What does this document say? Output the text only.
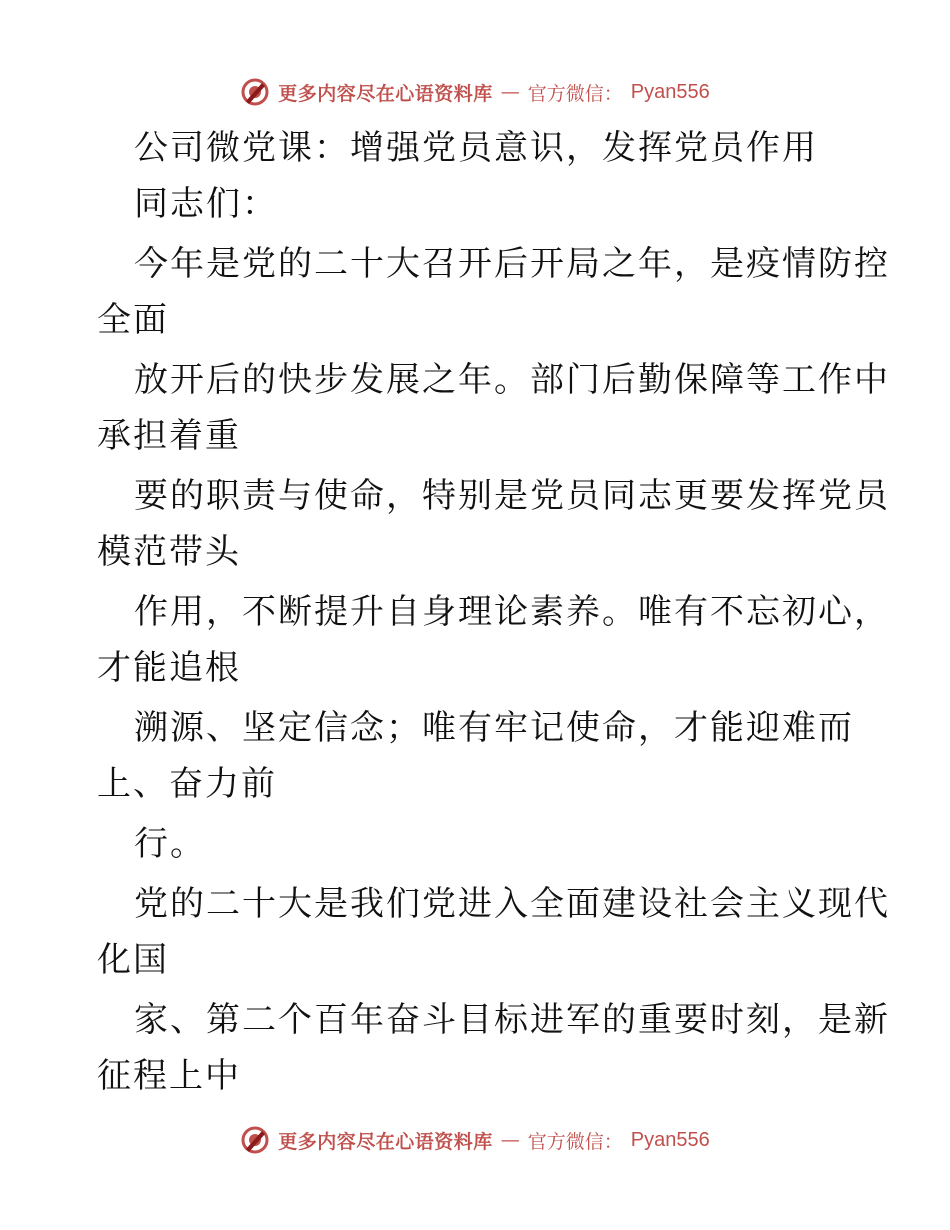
更多内容尽在心语资料库 — 官方微信： Pyan556
公司微党课：增强党员意识，发挥党员作用
同志们：
今年是党的二十大召开后开局之年，是疫情防控
全面
放开后的快步发展之年。部门后勤保障等工作中
承担着重
要的职责与使命，特别是党员同志更要发挥党员
模范带头
作用，不断提升自身理论素养。唯有不忘初心，
才能追根
溯源、坚定信念；唯有牢记使命，才能迎难而
上、奋力前
行。
党的二十大是我们党进入全面建设社会主义现代
化国
家、第二个百年奋斗目标进军的重要时刻，是新
征程上中
更多内容尽在心语资料库 — 官方微信： Pyan556
